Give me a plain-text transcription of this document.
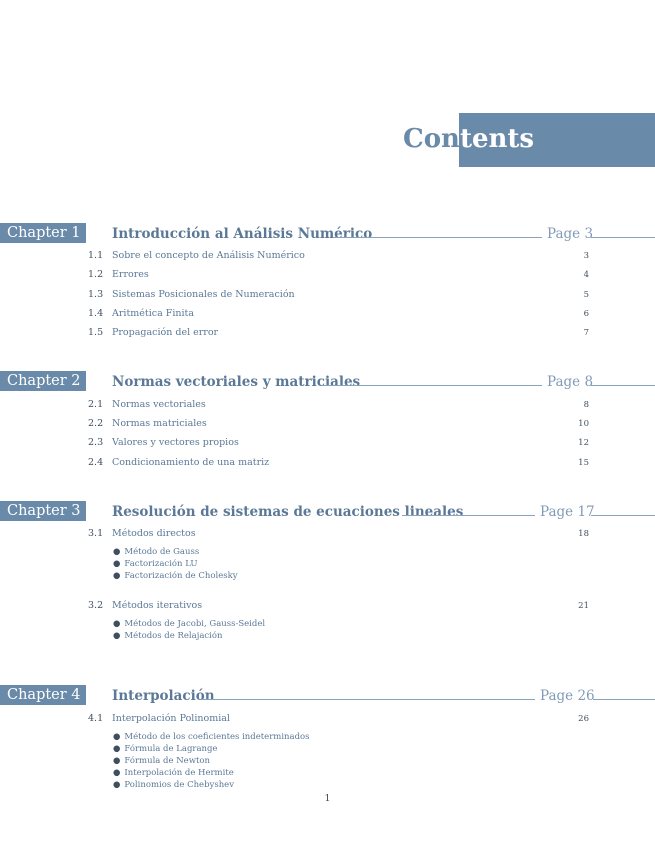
Contents
Chapter 1	Introducción al Análisis Numérico	Page 3
1.1 Sobre el concepto de Análisis Numérico	3
1.2 Errores	4
1.3 Sistemas Posicionales de Numeración	5
1.4 Aritmética Finita	6
1.5 Propagación del error	7
Chapter 2	Normas vectoriales y matriciales	Page 8
2.1 Normas vectoriales	8
2.2 Normas matriciales	10
2.3 Valores y vectores propios	12
2.4 Condicionamiento de una matriz	15
Chapter 3	Resolución de sistemas de ecuaciones lineales	Page 17
3.1 Métodos directos	18
● Método de Gauss
● Factorización LU
● Factorización de Cholesky
3.2 Métodos iterativos	21
● Métodos de Jacobi, Gauss-Seidel
● Métodos de Relajación
Chapter 4	Interpolación	Page 26
4.1 Interpolación Polinomial	26
● Método de los coeficientes indeterminados
● Fórmula de Lagrange
● Fórmula de Newton
● Interpolación de Hermite
● Polinomios de Chebyshev
1
